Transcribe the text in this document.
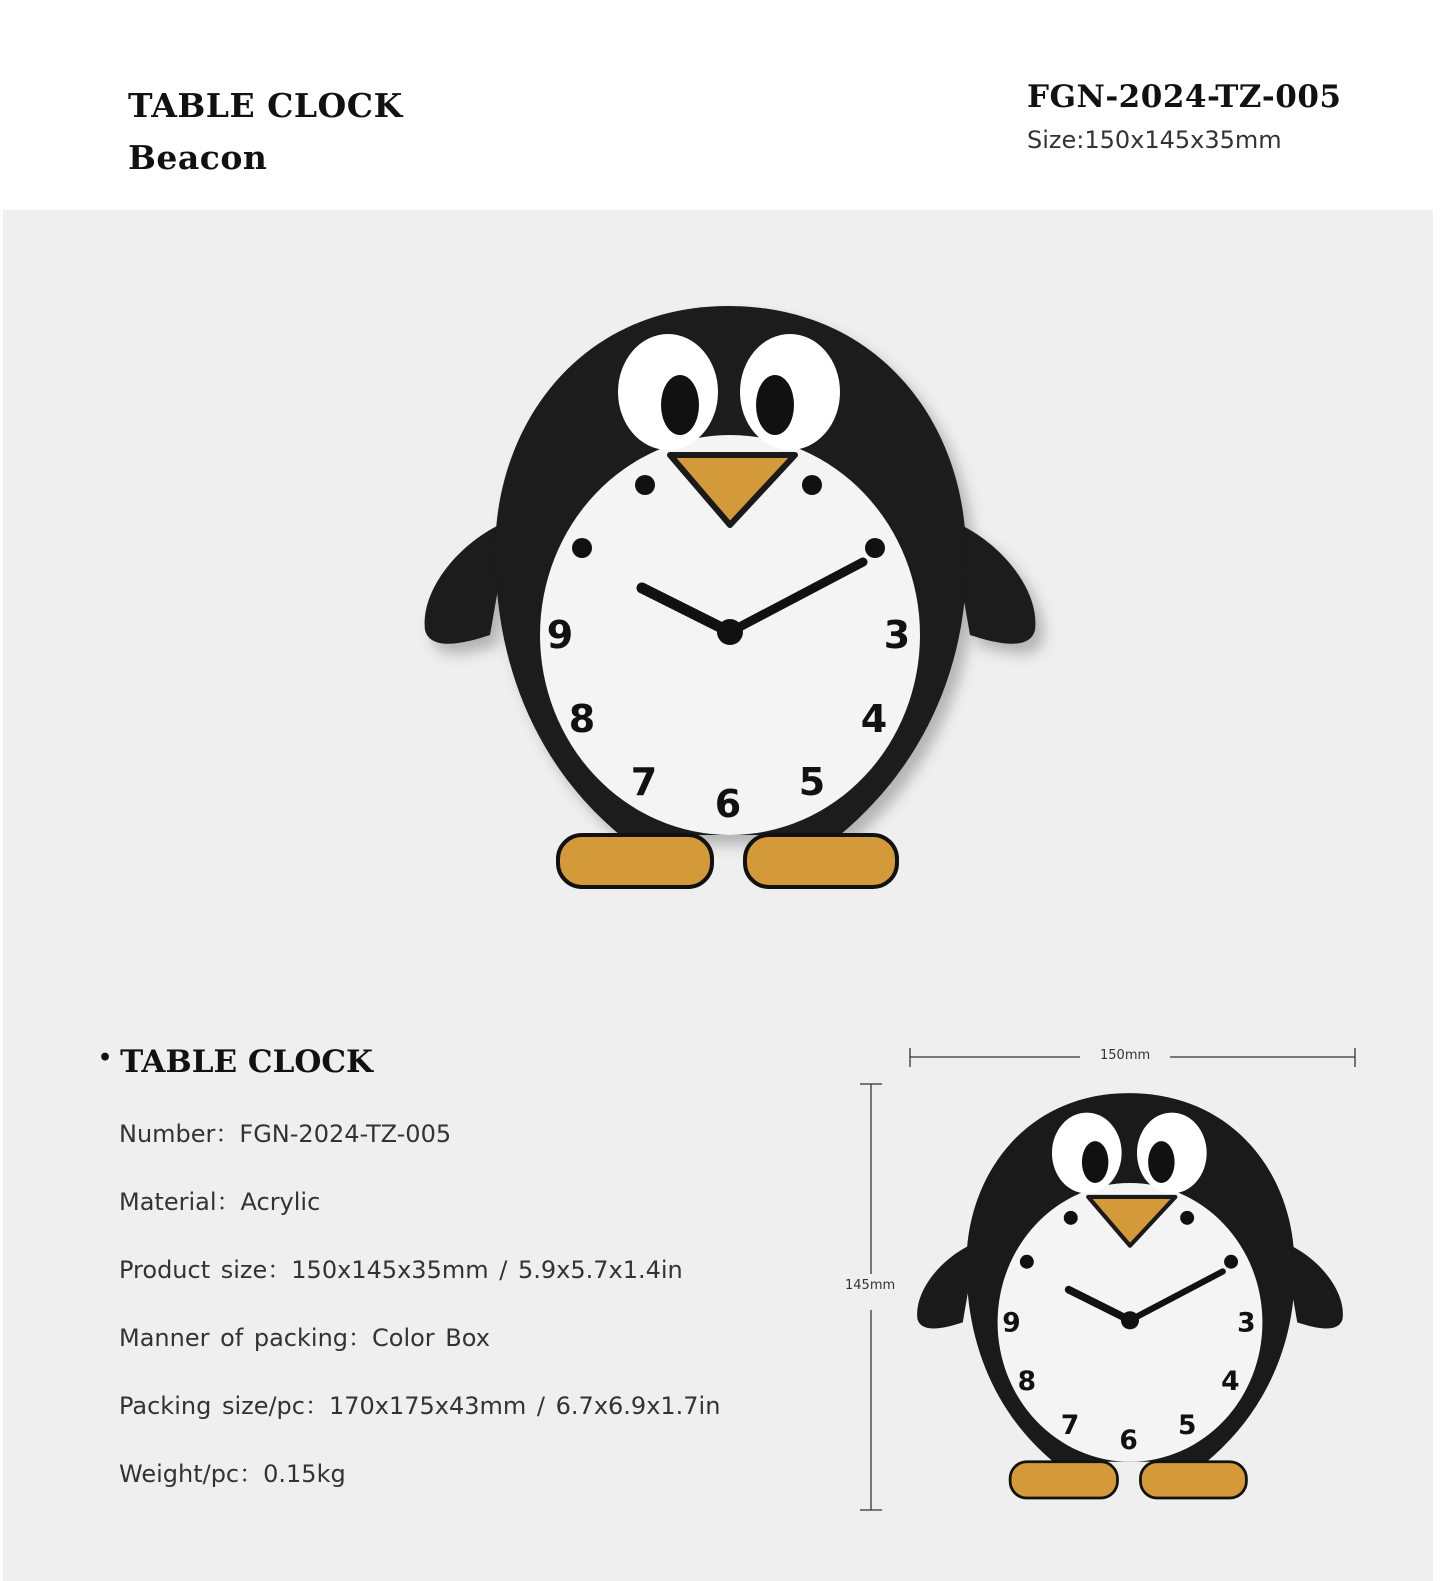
TABLE CLOCK
Beacon
FGN-2024-TZ-005
Size:150x145x35mm
3
4
5
6
7
8
9
• TABLE CLOCK
Number：FGN-2024-TZ-005
Material：Acrylic
Product size：150x145x35mm / 5.9x5.7x1.4in
Manner of packing：Color Box
Packing size/pc：170x175x43mm / 6.7x6.9x1.7in
Weight/pc：0.15kg
150mm
145mm
3
4
5
6
7
8
9
